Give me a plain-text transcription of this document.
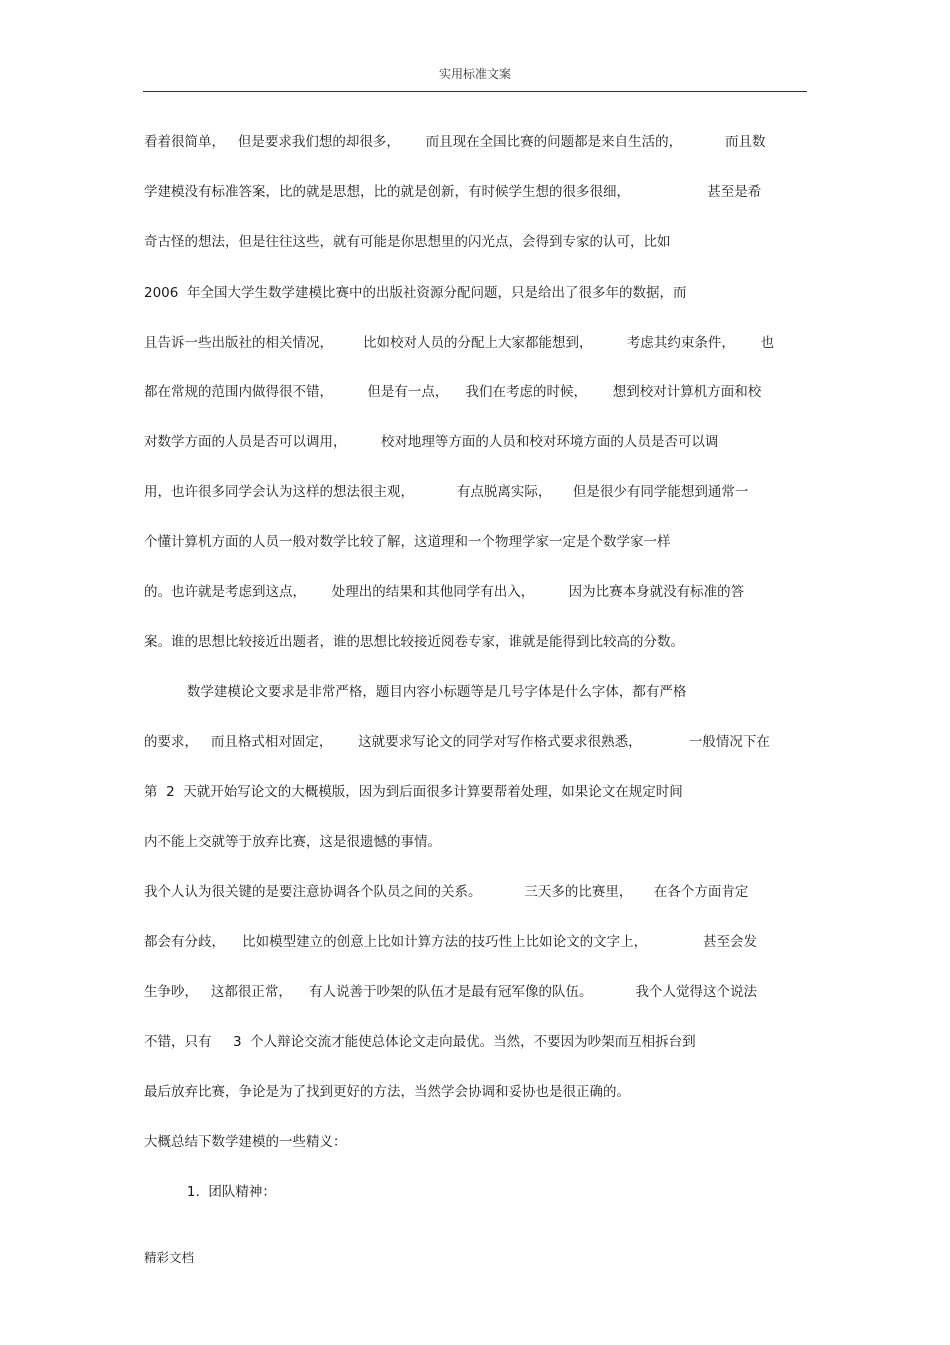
实用标准文案
看着很简单，   但是要求我们想的却很多，      而且现在全国比赛的问题都是来自生活的，          而且数
学建模没有标准答案，比的就是思想，比的就是创新，有时候学生想的很多很细，                  甚至是希
奇古怪的想法，但是往往这些，就有可能是你思想里的闪光点，会得到专家的认可，比如
2006  年全国大学生数学建模比赛中的出版社资源分配问题，只是给出了很多年的数据，而
且告诉一些出版社的相关情况，       比如校对人员的分配上大家都能想到，        考虑其约束条件，      也
都在常规的范围内做得很不错，        但是有一点，    我们在考虑的时候，      想到校对计算机方面和校
对数学方面的人员是否可以调用，        校对地理等方面的人员和校对环境方面的人员是否可以调
用，也许很多同学会认为这样的想法很主观，          有点脱离实际，     但是很少有同学能想到通常一
个懂计算机方面的人员一般对数学比较了解，这道理和一个物理学家一定是个数学家一样
的。也许就是考虑到这点，      处理出的结果和其他同学有出入，        因为比赛本身就没有标准的答
案。谁的思想比较接近出题者，谁的思想比较接近阅卷专家，谁就是能得到比较高的分数。
数学建模论文要求是非常严格，题目内容小标题等是几号字体是什么字体，都有严格
的要求，   而且格式相对固定，      这就要求写论文的同学对写作格式要求很熟悉，           一般情况下在
第  2  天就开始写论文的大概模版，因为到后面很多计算要帮着处理，如果论文在规定时间
内不能上交就等于放弃比赛，这是很遗憾的事情。
我个人认为很关键的是要注意协调各个队员之间的关系。          三天多的比赛里，     在各个方面肯定
都会有分歧，    比如模型建立的创意上比如计算方法的技巧性上比如论文的文字上，             甚至会发
生争吵，   这都很正常，    有人说善于吵架的队伍才是最有冠军像的队伍。          我个人觉得这个说法
不错，只有     3  个人辩论交流才能使总体论文走向最优。当然，不要因为吵架而互相拆台到
最后放弃比赛，争论是为了找到更好的方法，当然学会协调和妥协也是很正确的。
大概总结下数学建模的一些精义：
1.  团队精神：
精彩文档
